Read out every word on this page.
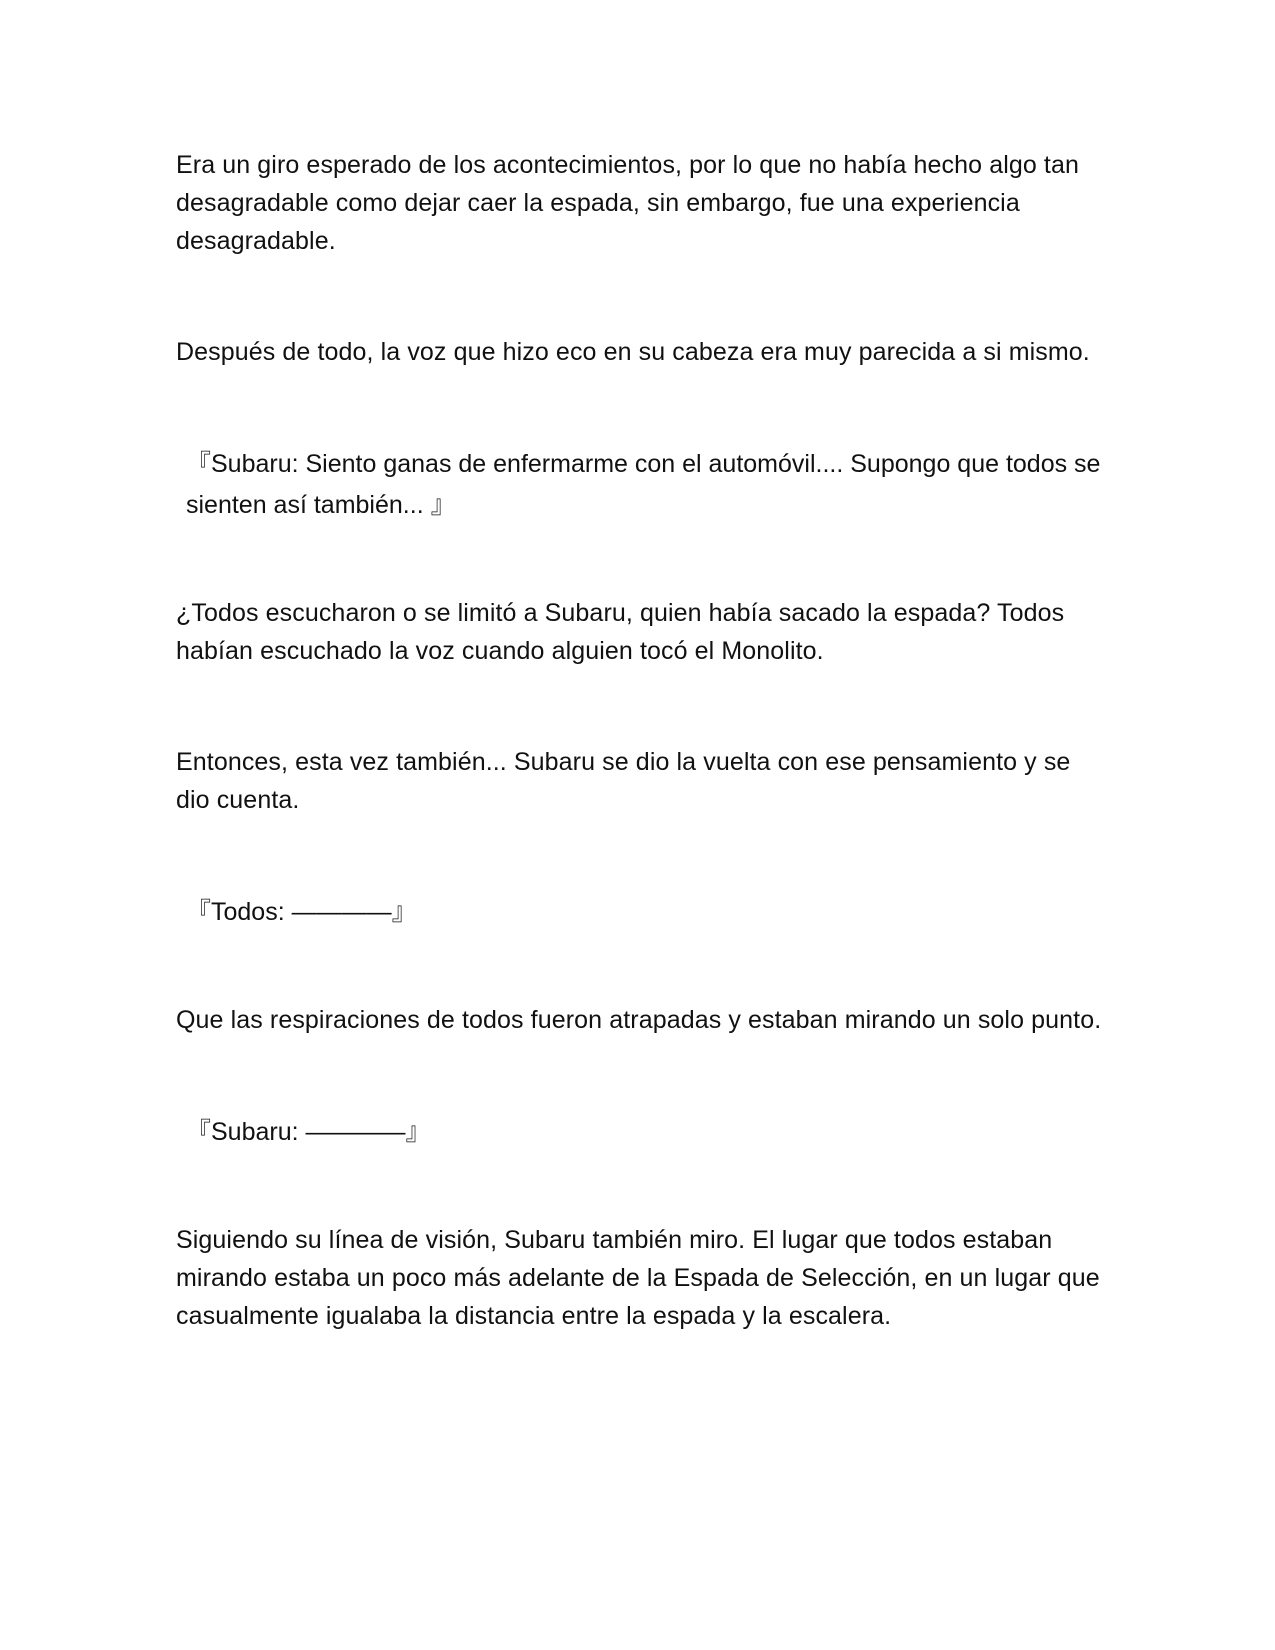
Era un giro esperado de los acontecimientos, por lo que no había hecho algo tan desagradable como dejar caer la espada, sin embargo, fue una experiencia desagradable.

Después de todo, la voz que hizo eco en su cabeza era muy parecida a si mismo.

『Subaru: Siento ganas de enfermarme con el automóvil.... Supongo que todos se sienten así también... 』

¿Todos escucharon o se limitó a Subaru, quien había sacado la espada? Todos habían escuchado la voz cuando alguien tocó el Monolito.

Entonces, esta vez también... Subaru se dio la vuelta con ese pensamiento y se dio cuenta.

『Todos: ————』

Que las respiraciones de todos fueron atrapadas y estaban mirando un solo punto.

『Subaru: ————』

Siguiendo su línea de visión, Subaru también miro. El lugar que todos estaban mirando estaba un poco más adelante de la Espada de Selección, en un lugar que casualmente igualaba la distancia entre la espada y la escalera.
